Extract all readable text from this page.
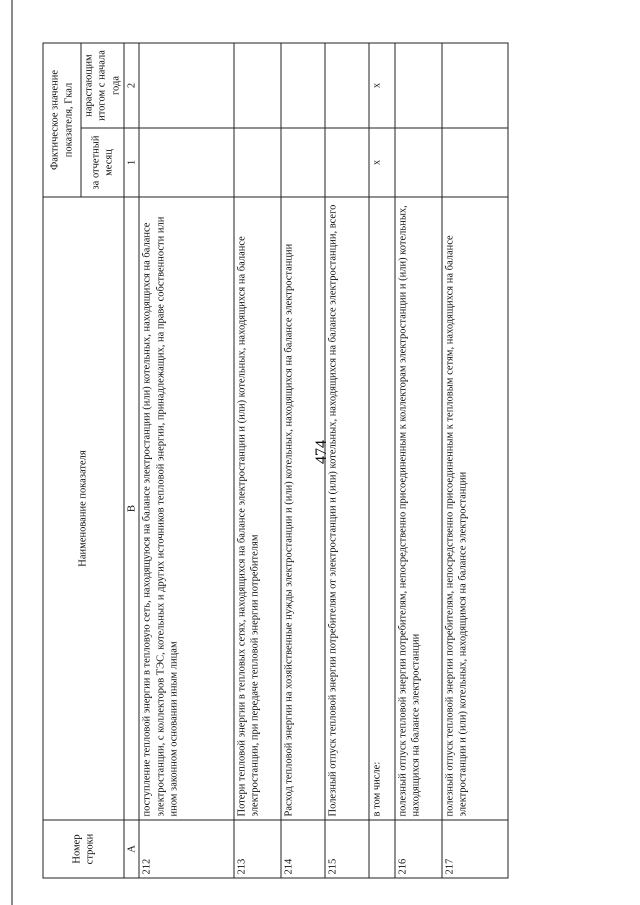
474
Номер строки	Наименование показателя	Фактическое значение показателя, Гкал	
		за отчетный месяц	нарастающим итогом с начала года
А	В	1	2
212	поступление тепловой энергии в тепловую сеть, находящуюся на балансе электростанции (или) котельных, находящихся на балансе электростанции, с коллекторов ТЭС, котельных и других источников тепловой энергии, принадлежащих, на праве собственности или ином законном основании иным лицам		
213	Потери тепловой энергии в тепловых сетях, находящихся на балансе электростанции и (или) котельных, находящихся на балансе электростанции, при передаче тепловой энергии потребителям		
214	Расход тепловой энергии на хозяйственные нужды электростанции и (или) котельных, находящихся на балансе электростанции		
215	Полезный отпуск тепловой энергии потребителям от электростанции и (или) котельных, находящихся на балансе электростанции, всего		
	в том числе:	х	х
216	полезный отпуск тепловой энергии потребителям, непосредственно присоединенным к коллекторам электростанции и (или) котельных, находящихся на балансе электростанции		
217	полезный отпуск тепловой энергии потребителям, непосредственно присоединенным к тепловым сетям, находящихся на балансе электростанции и (или) котельных, находящимся на балансе электростанции		
